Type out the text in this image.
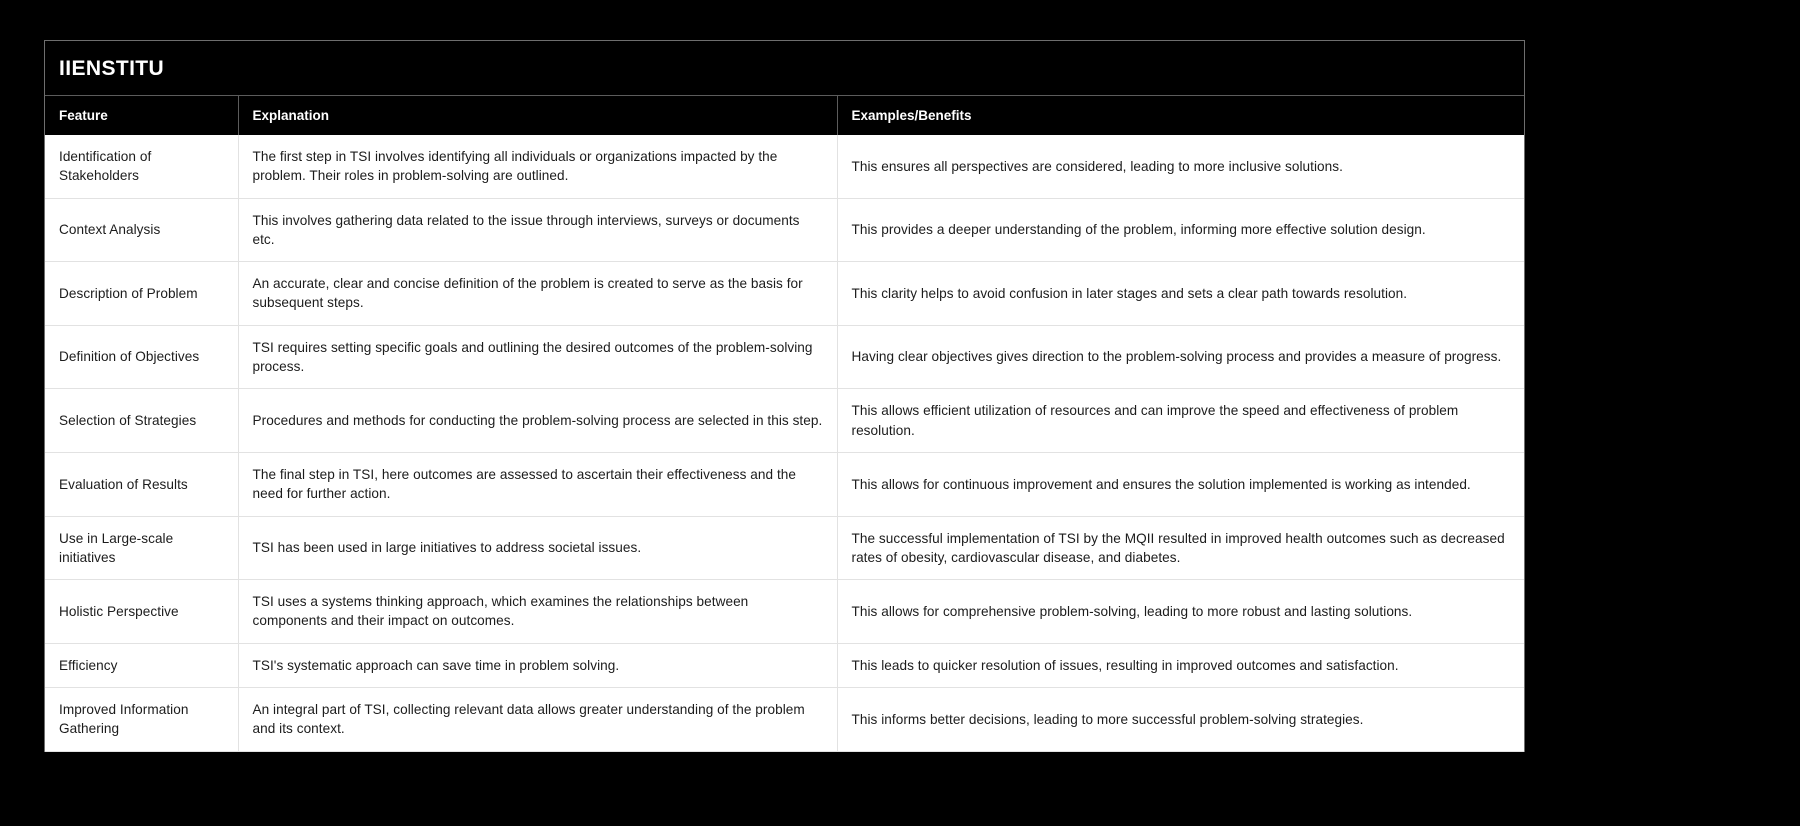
IIENSTITU
Feature	Explanation	Examples/Benefits
Identification of Stakeholders	The first step in TSI involves identifying all individuals or organizations impacted by the problem. Their roles in problem-solving are outlined.	This ensures all perspectives are considered, leading to more inclusive solutions.
Context Analysis	This involves gathering data related to the issue through interviews, surveys or documents etc.	This provides a deeper understanding of the problem, informing more effective solution design.
Description of Problem	An accurate, clear and concise definition of the problem is created to serve as the basis for subsequent steps.	This clarity helps to avoid confusion in later stages and sets a clear path towards resolution.
Definition of Objectives	TSI requires setting specific goals and outlining the desired outcomes of the problem-solving process.	Having clear objectives gives direction to the problem-solving process and provides a measure of progress.
Selection of Strategies	Procedures and methods for conducting the problem-solving process are selected in this step.	This allows efficient utilization of resources and can improve the speed and effectiveness of problem resolution.
Evaluation of Results	The final step in TSI, here outcomes are assessed to ascertain their effectiveness and the need for further action.	This allows for continuous improvement and ensures the solution implemented is working as intended.
Use in Large-scale initiatives	TSI has been used in large initiatives to address societal issues.	The successful implementation of TSI by the MQII resulted in improved health outcomes such as decreased rates of obesity, cardiovascular disease, and diabetes.
Holistic Perspective	TSI uses a systems thinking approach, which examines the relationships between components and their impact on outcomes.	This allows for comprehensive problem-solving, leading to more robust and lasting solutions.
Efficiency	TSI's systematic approach can save time in problem solving.	This leads to quicker resolution of issues, resulting in improved outcomes and satisfaction.
Improved Information Gathering	An integral part of TSI, collecting relevant data allows greater understanding of the problem and its context.	This informs better decisions, leading to more successful problem-solving strategies.
